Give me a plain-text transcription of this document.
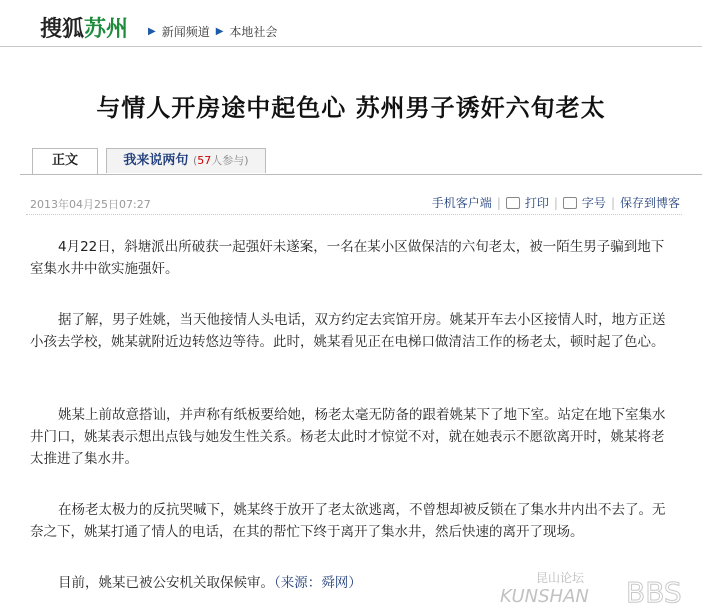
搜狐苏州 ▶ 新闻频道 ▶ 本地社会
与情人开房途中起色心 苏州男子诱奸六旬老太
正文	我来说两句 (57人参与)
2013年04月25日07:27	手机客户端 | 打印 | 字号 | 保存到博客

4月22日，斜塘派出所破获一起强奸未遂案，一名在某小区做保洁的六旬老太，被一陌生男子骗到地下室集水井中欲实施强奸。

据了解，男子姓姚，当天他接情人头电话，双方约定去宾馆开房。姚某开车去小区接情人时，地方正送小孩去学校，姚某就附近边转悠边等待。此时，姚某看见正在电梯口做清洁工作的杨老太，顿时起了色心。

姚某上前故意搭讪，并声称有纸板要给她，杨老太毫无防备的跟着姚某下了地下室。站定在地下室集水井门口，姚某表示想出点钱与她发生性关系。杨老太此时才惊觉不对，就在她表示不愿欲离开时，姚某将老太推进了集水井。

在杨老太极力的反抗哭喊下，姚某终于放开了老太欲逃离，不曾想却被反锁在了集水井内出不去了。无奈之下，姚某打通了情人的电话，在其的帮忙下终于离开了集水井，然后快速的离开了现场。

目前，姚某已被公安机关取保候审。（来源：舜网）	昆山论坛
KUNSHAN BBS
